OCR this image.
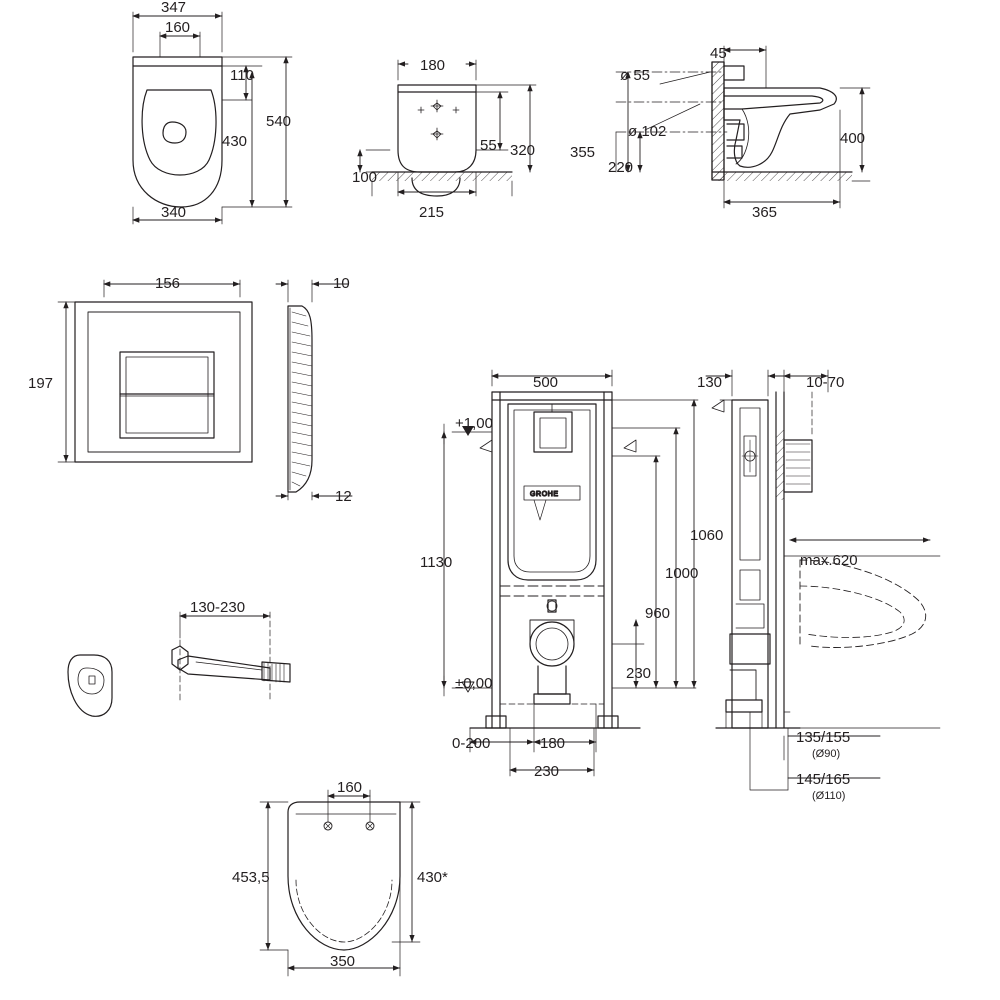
GROHE
347
160
110
430
540
340
180
55 320
100
215
45
ø 55
ø 102
355
220
400
365
156
197
10
12
130-230
500
+1,00
1130
±0,00
0-200	180
230
230
960
1000
1060
130	10-70
max.620
135/155
(Ø90)
145/165
(Ø110)
160
453,5	430*
350
